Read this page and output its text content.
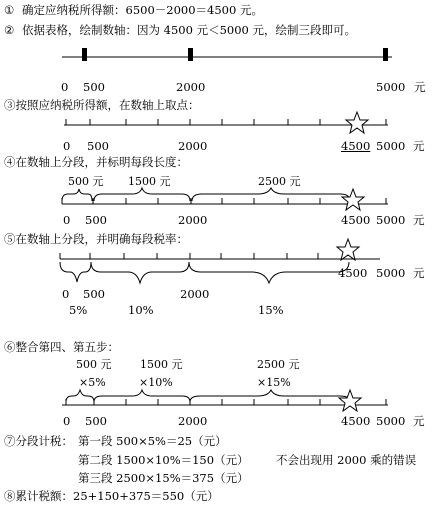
① 确定应纳税所得额：6500－2000＝4500 元。
② 依据表格，绘制数轴：因为 4500 元＜5000 元，绘制三段即可。
0 500	2000	5000 元
③按照应纳税所得额，在数轴上取点：
0 500	2000	4500 5000 元
④在数轴上分段，并标明每段长度：
500 元 1500 元	2500 元
0 500	2000	4500 5000 元
⑤在数轴上分段，并明确每段税率：
0 500	2000
4500 5000 元
5%	10%	15%
⑥整合第四、第五步：
500 元
×5%
1500 元
×10%
2500 元
×15%
0 500	2000	4500 5000 元
⑦分段计税： 第一段 500×5%＝25（元）
第二段 1500×10%＝150（元） 不会出现用 2000 乘的错误
第三段 2500×15%＝375（元）
⑧累计税额：25+150+375＝550（元）
